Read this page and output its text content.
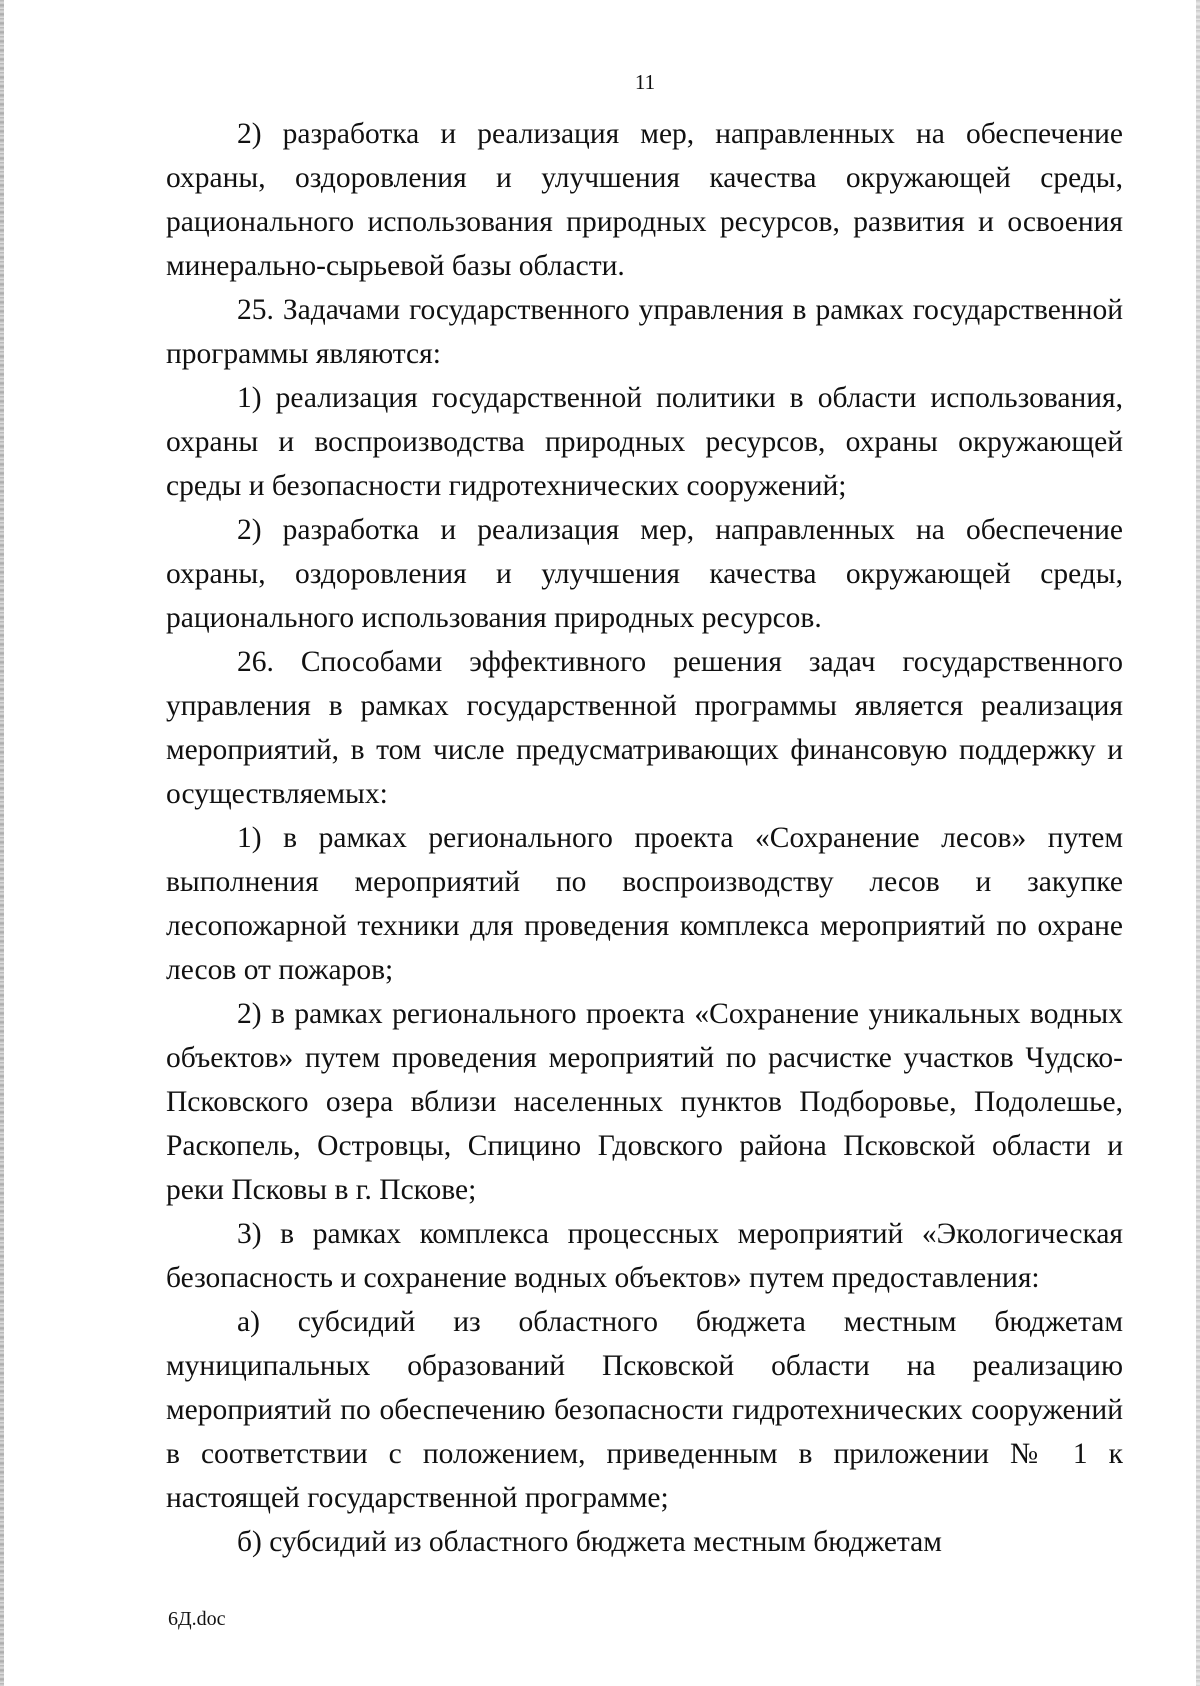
11

2) разработка и реализация мер, направленных на обеспечение охраны, оздоровления и улучшения качества окружающей среды, рационального использования природных ресурсов, развития и освоения минерально-сырьевой базы области.

25. Задачами государственного управления в рамках государственной программы являются:

1) реализация государственной политики в области использования, охраны и воспроизводства природных ресурсов, охраны окружающей среды и безопасности гидротехнических сооружений;

2) разработка и реализация мер, направленных на обеспечение охраны, оздоровления и улучшения качества окружающей среды, рационального использования природных ресурсов.

26. Способами эффективного решения задач государственного управления в рамках государственной программы является реализация мероприятий, в том числе предусматривающих финансовую поддержку и осуществляемых:

1) в рамках регионального проекта «Сохранение лесов» путем выполнения мероприятий по воспроизводству лесов и закупке лесопожарной техники для проведения комплекса мероприятий по охране лесов от пожаров;

2) в рамках регионального проекта «Сохранение уникальных водных объектов» путем проведения мероприятий по расчистке участков Чудско-Псковского озера вблизи населенных пунктов Подборовье, Подолешье, Раскопель, Островцы, Спицино Гдовского района Псковской области и реки Псковы в г. Пскове;

3) в рамках комплекса процессных мероприятий «Экологическая безопасность и сохранение водных объектов» путем предоставления:

а) субсидий из областного бюджета местным бюджетам муниципальных образований Псковской области на реализацию мероприятий по обеспечению безопасности гидротехнических сооружений в соответствии с положением, приведенным в приложении № 1 к настоящей государственной программе;

б) субсидий из областного бюджета местным бюджетам

6Д.doc
